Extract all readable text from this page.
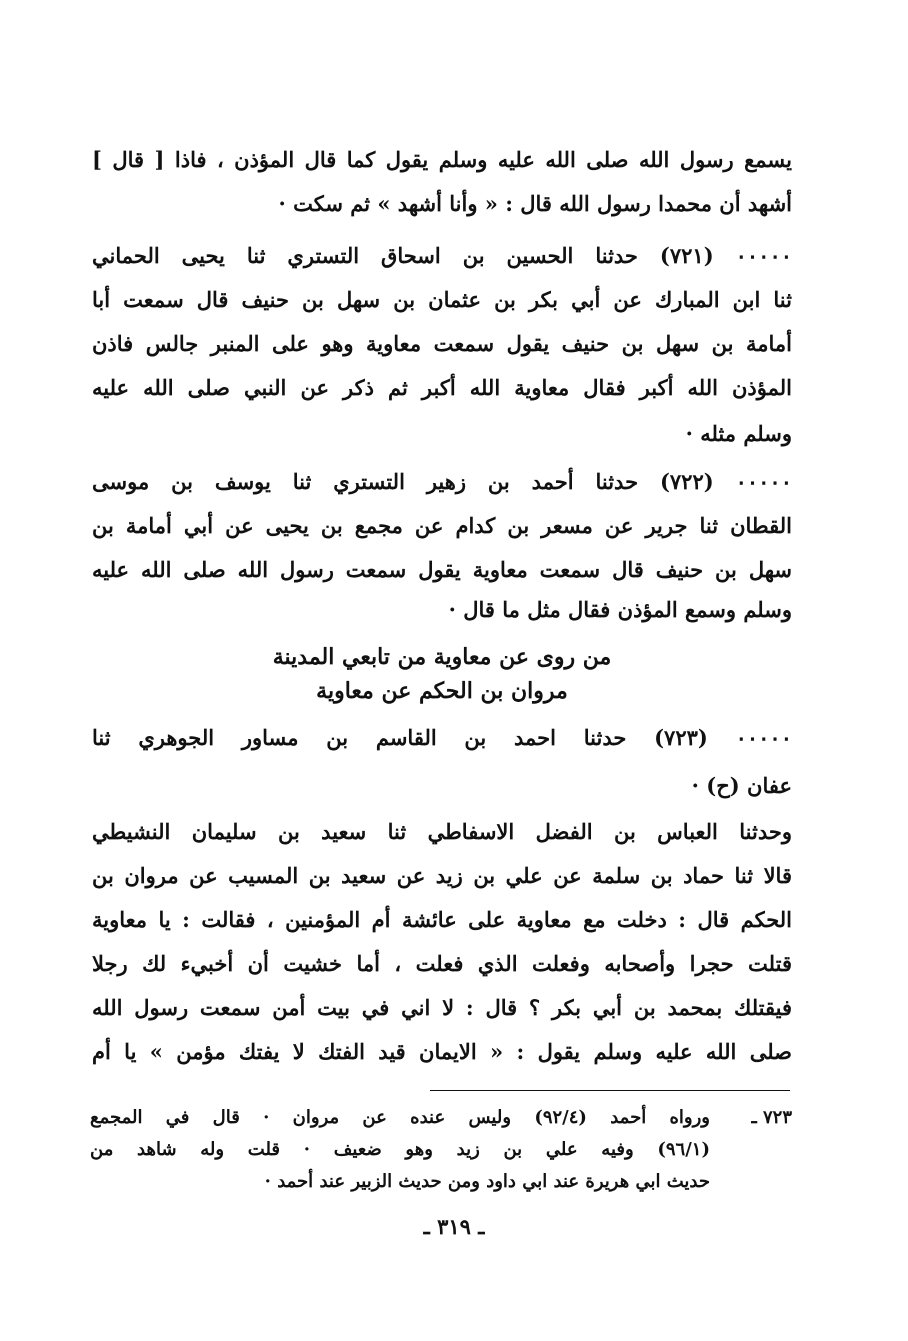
يسمع رسول الله صلى الله عليه وسلم يقول كما قال المؤذن ، فاذا [ قال ]
أشهد أن محمدا رسول الله قال : « وأنا أشهد » ثم سكت ·
٠٠٠٠٠ (٧٢١) حدثنا الحسين بن اسحاق التستري ثنا يحيى الحماني
ثنا ابن المبارك عن أبي بكر بن عثمان بن سهل بن حنيف قال سمعت أبا
أمامة بن سهل بن حنيف يقول سمعت معاوية وهو على المنبر جالس فاذن
المؤذن الله أكبر فقال معاوية الله أكبر ثم ذكر عن النبي صلى الله عليه
وسلم مثله ·
٠٠٠٠٠ (٧٢٢) حدثنا أحمد بن زهير التستري ثنا يوسف بن موسى
القطان ثنا جرير عن مسعر بن كدام عن مجمع بن يحيى عن أبي أمامة بن
سهل بن حنيف قال سمعت معاوية يقول سمعت رسول الله صلى الله عليه
وسلم وسمع المؤذن فقال مثل ما قال ·
من روى عن معاوية من تابعي المدينة
مروان بن الحكم عن معاوية
٠٠٠٠٠ (٧٢٣) حدثنا احمد بن القاسم بن مساور الجوهري ثنا
عفان (ح) ·
وحدثنا العباس بن الفضل الاسفاطي ثنا سعيد بن سليمان النشيطي
قالا ثنا حماد بن سلمة عن علي بن زيد عن سعيد بن المسيب عن مروان بن
الحكم قال : دخلت مع معاوية على عائشة أم المؤمنين ، فقالت : يا معاوية
قتلت حجرا وأصحابه وفعلت الذي فعلت ، أما خشيت أن أخبيء لك رجلا
فيقتلك بمحمد بن أبي بكر ؟ قال : لا اني في بيت أمن سمعت رسول الله
صلى الله عليه وسلم يقول : « الايمان قيد الفتك لا يفتك مؤمن » يا أم
٧٢٣ ـ
ورواه أحمد (٩٢/٤) وليس عنده عن مروان · قال في المجمع
(٩٦/١) وفيه علي بن زيد وهو ضعيف · قلت وله شاهد من
حديث ابي هريرة عند ابي داود ومن حديث الزبير عند أحمد ·
ـ ٣١٩ ـ
